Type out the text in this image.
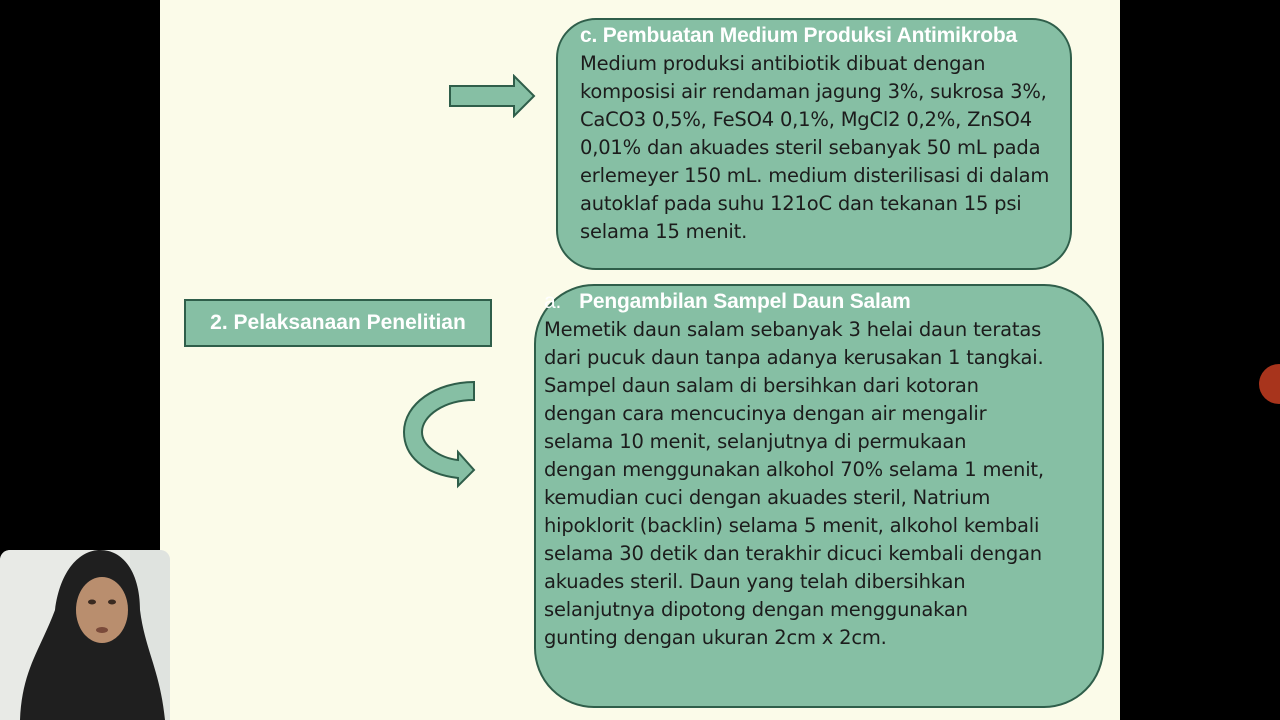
c. Pembuatan Medium Produksi Antimikroba
Medium produksi antibiotik dibuat dengan komposisi air rendaman jagung 3%, sukrosa 3%, CaCO3 0,5%, FeSO4 0,1%, MgCl2 0,2%, ZnSO4 0,01% dan akuades steril sebanyak 50 mL pada erlemeyer 150 mL. medium disterilisasi di dalam autoklaf pada suhu 121oC dan tekanan 15 psi selama 15 menit.
2. Pelaksanaan Penelitian
a. Pengambilan Sampel Daun Salam
Memetik daun salam sebanyak 3 helai daun teratas dari pucuk daun tanpa adanya kerusakan 1 tangkai. Sampel daun salam di bersihkan dari kotoran dengan cara mencucinya dengan air mengalir selama 10 menit, selanjutnya di permukaan dengan menggunakan alkohol 70% selama 1 menit, kemudian cuci dengan akuades steril, Natrium hipoklorit (backlin) selama 5 menit, alkohol kembali selama 30 detik dan terakhir dicuci kembali dengan akuades steril. Daun yang telah dibersihkan selanjutnya dipotong dengan menggunakan gunting dengan ukuran 2cm x 2cm.
